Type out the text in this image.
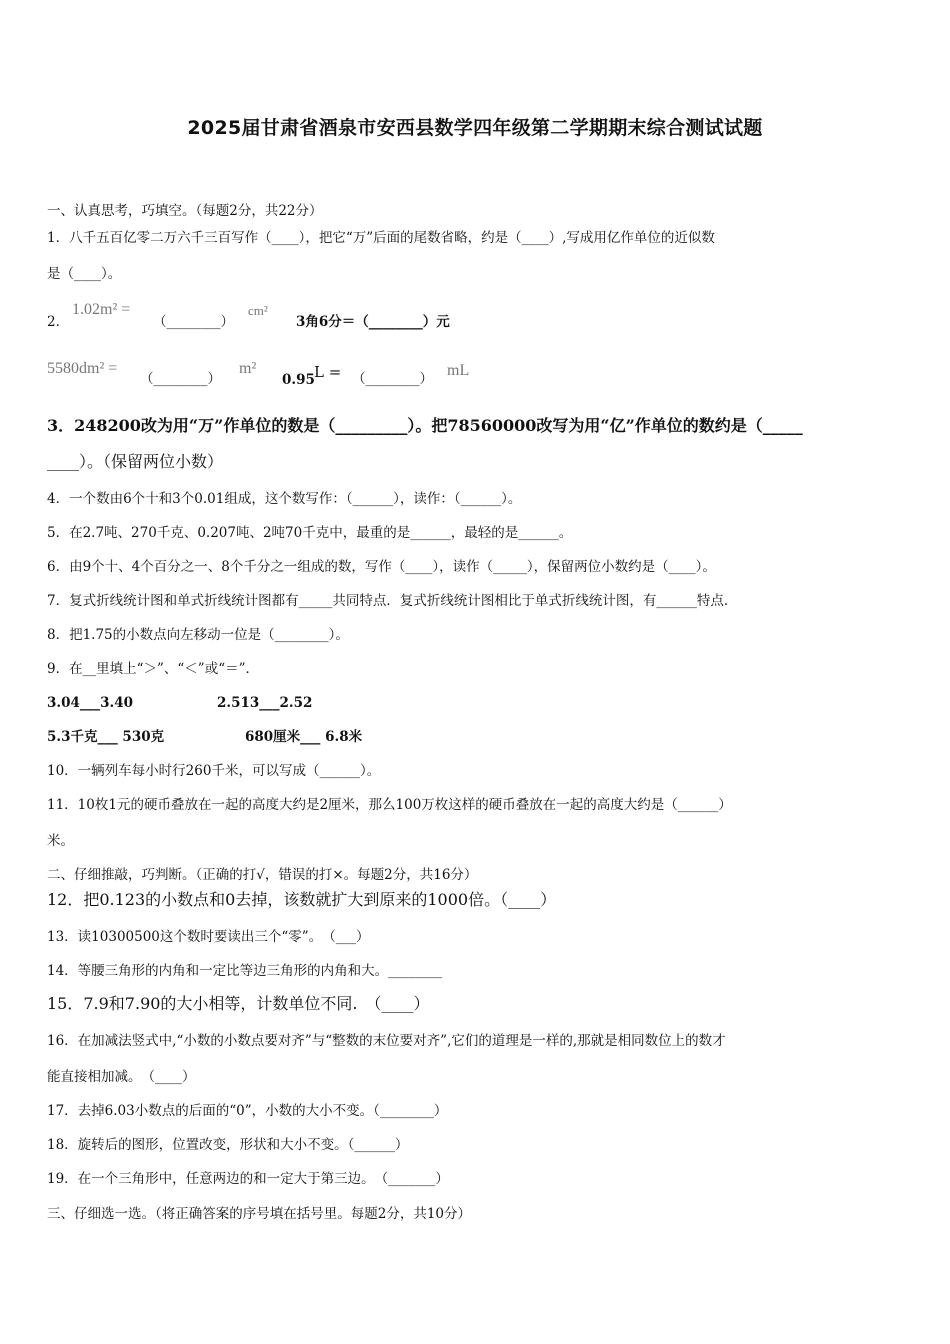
2025届甘肃省酒泉市安西县数学四年级第二学期期末综合测试试题
一、认真思考，巧填空。（每题2分，共22分）
1．八千五百亿零二万六千三百写作（____），把它“万”后面的尾数省略，约是（____）,写成用亿作单位的近似数
是（____）。
2．
1.02m² =
（________）
cm²
3角6分＝（________）元
5580dm² =
（________）
m²
0.95 L = （________） mL
3．248200改为用“万”作单位的数是（_________）。把78560000改写为用“亿”作单位的数约是（_____
____）。（保留两位小数）
4．一个数由6个十和3个0.01组成，这个数写作：（______），读作：（______）。
5．在2.7吨、270千克、0.207吨、2吨70千克中，最重的是______，最轻的是______。
6．由9个十、4个百分之一、8个千分之一组成的数，写作（____），读作（_____），保留两位小数约是（____）。
7．复式折线统计图和单式折线统计图都有_____共同特点．复式折线统计图相比于单式折线统计图，有______特点．
8．把1.75的小数点向左移动一位是（________）。
9．在__里填上“＞”、“＜”或“＝”．
3.04___3.40	2.513___2.52
5.3千克___ 530克	680厘米___ 6.8米
10．一辆列车每小时行260千米，可以写成（______）。
11．10枚1元的硬币叠放在一起的高度大约是2厘米，那么100万枚这样的硬币叠放在一起的高度大约是（______）
米。
二、仔细推敲，巧判断。（正确的打√，错误的打×。每题2分，共16分）
12．把0.123的小数点和0去掉，该数就扩大到原来的1000倍。（____）
13．读10300500这个数时要读出三个“零”。　（___）
14．等腰三角形的内角和一定比等边三角形的内角和大。________
15．7.9和7.90的大小相等，计数单位不同.　（____）
16．在加减法竖式中,“小数的小数点要对齐”与“整数的末位要对齐”,它们的道理是一样的,那就是相同数位上的数才
能直接相加减。　（____）
17．去掉6.03小数点的后面的“0”，小数的大小不变。（________）
18．旋转后的图形，位置改变，形状和大小不变。（______）
19．在一个三角形中，任意两边的和一定大于第三边。　（_______）
三、仔细选一选。（将正确答案的序号填在括号里。每题2分，共10分）
